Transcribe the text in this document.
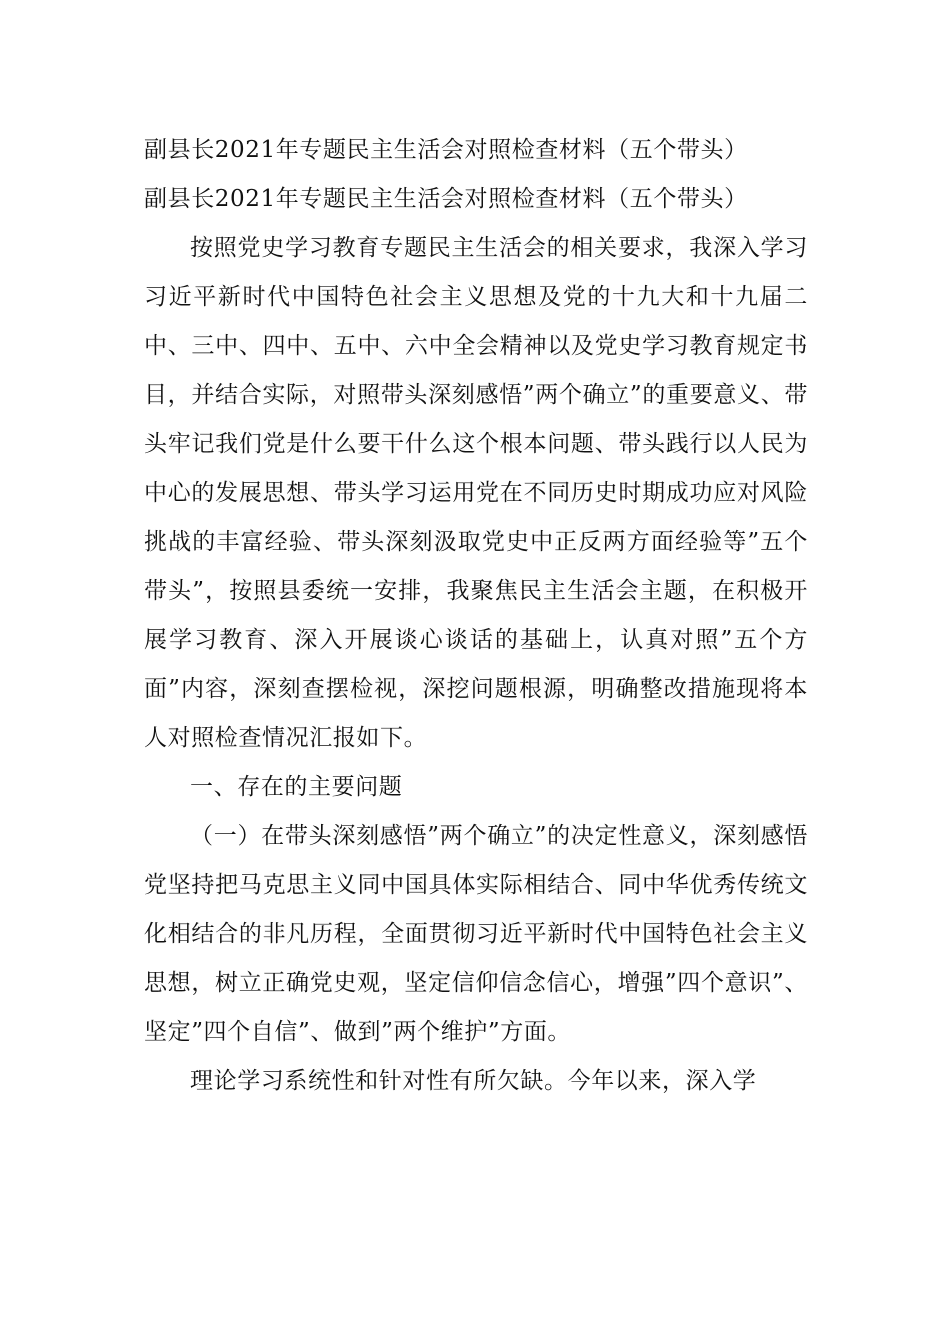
副县长2021年专题民主生活会对照检查材料（五个带头）

副县长2021年专题民主生活会对照检查材料（五个带头）

按照党史学习教育专题民主生活会的相关要求，我深入学习习近平新时代中国特色社会主义思想及党的十九大和十九届二中、三中、四中、五中、六中全会精神以及党史学习教育规定书目，并结合实际，对照带头深刻感悟”两个确立”的重要意义、带头牢记我们党是什么要干什么这个根本问题、带头践行以人民为中心的发展思想、带头学习运用党在不同历史时期成功应对风险挑战的丰富经验、带头深刻汲取党史中正反两方面经验等”五个带头”，按照县委统一安排，我聚焦民主生活会主题，在积极开展学习教育、深入开展谈心谈话的基础上，认真对照”五个方面”内容，深刻查摆检视，深挖问题根源，明确整改措施现将本人对照检查情况汇报如下。

一、存在的主要问题

（一）在带头深刻感悟”两个确立”的决定性意义，深刻感悟党坚持把马克思主义同中国具体实际相结合、同中华优秀传统文化相结合的非凡历程，全面贯彻习近平新时代中国特色社会主义思想，树立正确党史观，坚定信仰信念信心，增强”四个意识”、坚定”四个自信”、做到”两个维护”方面。

理论学习系统性和针对性有所欠缺。今年以来，深入学
